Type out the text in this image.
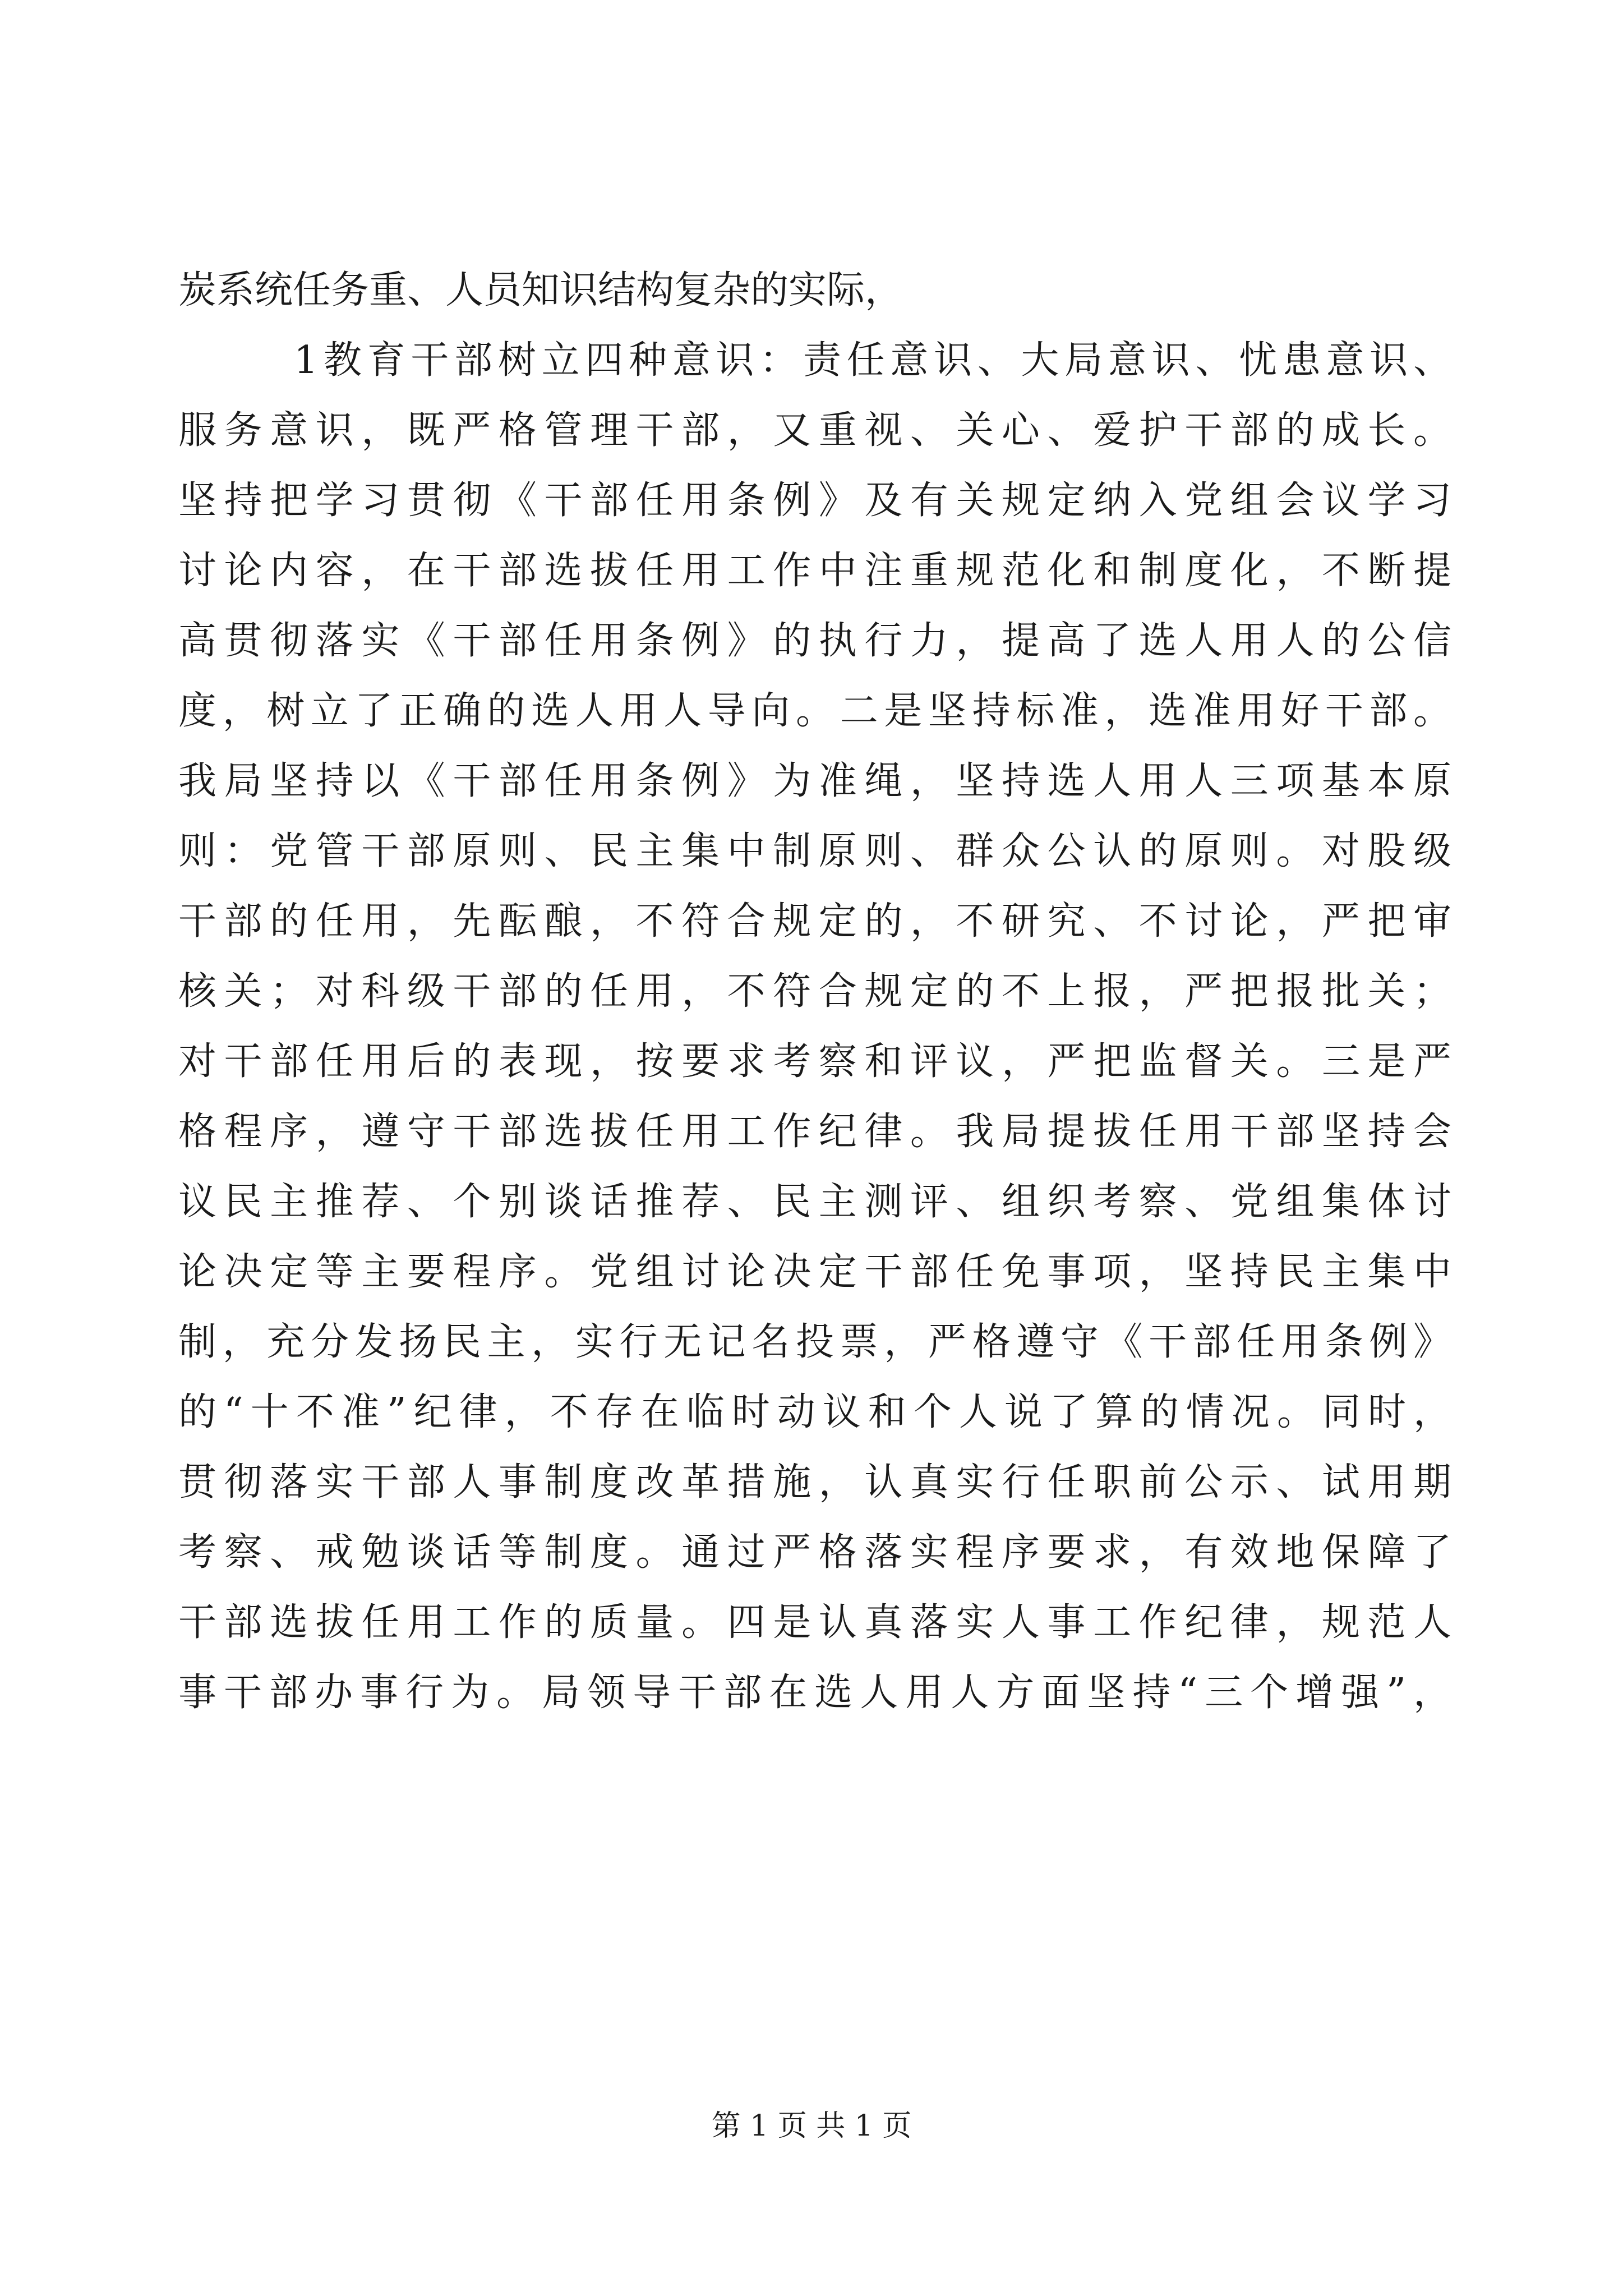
炭系统任务重、人员知识结构复杂的实际，
1教育干部树立四种意识：责任意识、大局意识、忧患意识、
服务意识，既严格管理干部，又重视、关心、爱护干部的成长。
坚持把学习贯彻《干部任用条例》及有关规定纳入党组会议学习
讨论内容，在干部选拔任用工作中注重规范化和制度化，不断提
高贯彻落实《干部任用条例》的执行力，提高了选人用人的公信
度，树立了正确的选人用人导向。二是坚持标准，选准用好干部。
我局坚持以《干部任用条例》为准绳，坚持选人用人三项基本原
则：党管干部原则、民主集中制原则、群众公认的原则。对股级
干部的任用，先酝酿，不符合规定的，不研究、不讨论，严把审
核关；对科级干部的任用，不符合规定的不上报，严把报批关；
对干部任用后的表现，按要求考察和评议，严把监督关。三是严
格程序，遵守干部选拔任用工作纪律。我局提拔任用干部坚持会
议民主推荐、个别谈话推荐、民主测评、组织考察、党组集体讨
论决定等主要程序。党组讨论决定干部任免事项，坚持民主集中
制，充分发扬民主，实行无记名投票，严格遵守《干部任用条例》
的“十不准”纪律，不存在临时动议和个人说了算的情况。同时，
贯彻落实干部人事制度改革措施，认真实行任职前公示、试用期
考察、戒勉谈话等制度。通过严格落实程序要求，有效地保障了
干部选拔任用工作的质量。四是认真落实人事工作纪律，规范人
事干部办事行为。局领导干部在选人用人方面坚持“三个增强”，
第 1 页 共 1 页
